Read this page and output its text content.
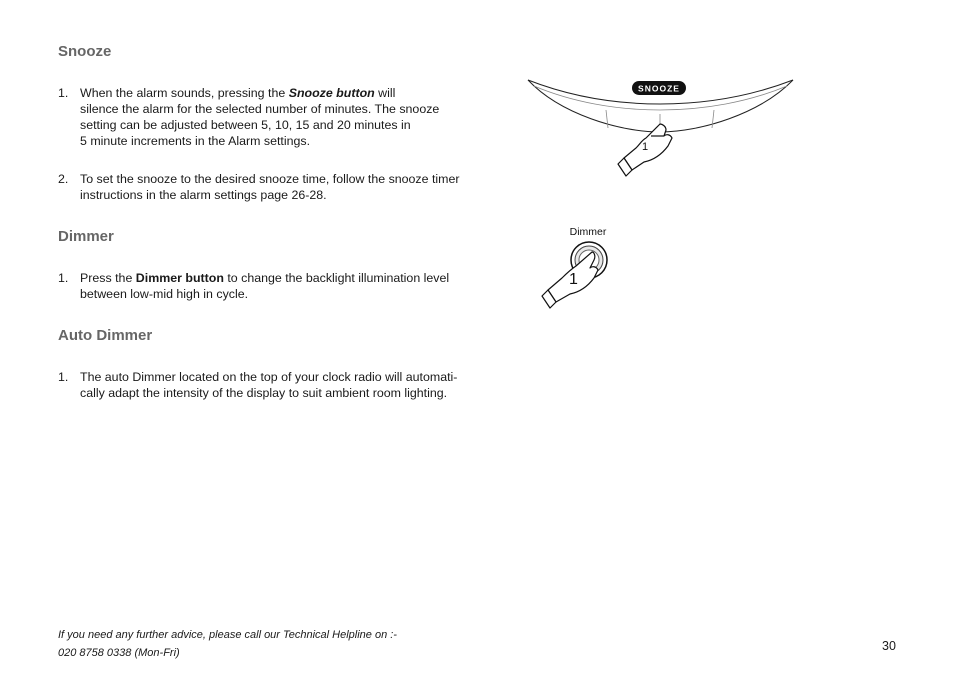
Snooze
1. When the alarm sounds, pressing the Snooze button will
silence the alarm for the selected number of minutes. The snooze
setting can be adjusted between 5, 10, 15 and 20 minutes in
5 minute increments in the Alarm settings.
2. To set the snooze to the desired snooze time, follow the snooze timer
instructions in the alarm settings page 26-28.
Dimmer
1. Press the Dimmer button to change the backlight illumination level
between low-mid high in cycle.
Auto Dimmer
1. The auto Dimmer located on the top of your clock radio will automati-
cally adapt the intensity of the display to suit ambient room lighting.
SNOOZE
1
Dimmer
1
If you need any further advice, please call our Technical Helpline on :-
020 8758 0338 (Mon-Fri)	30
